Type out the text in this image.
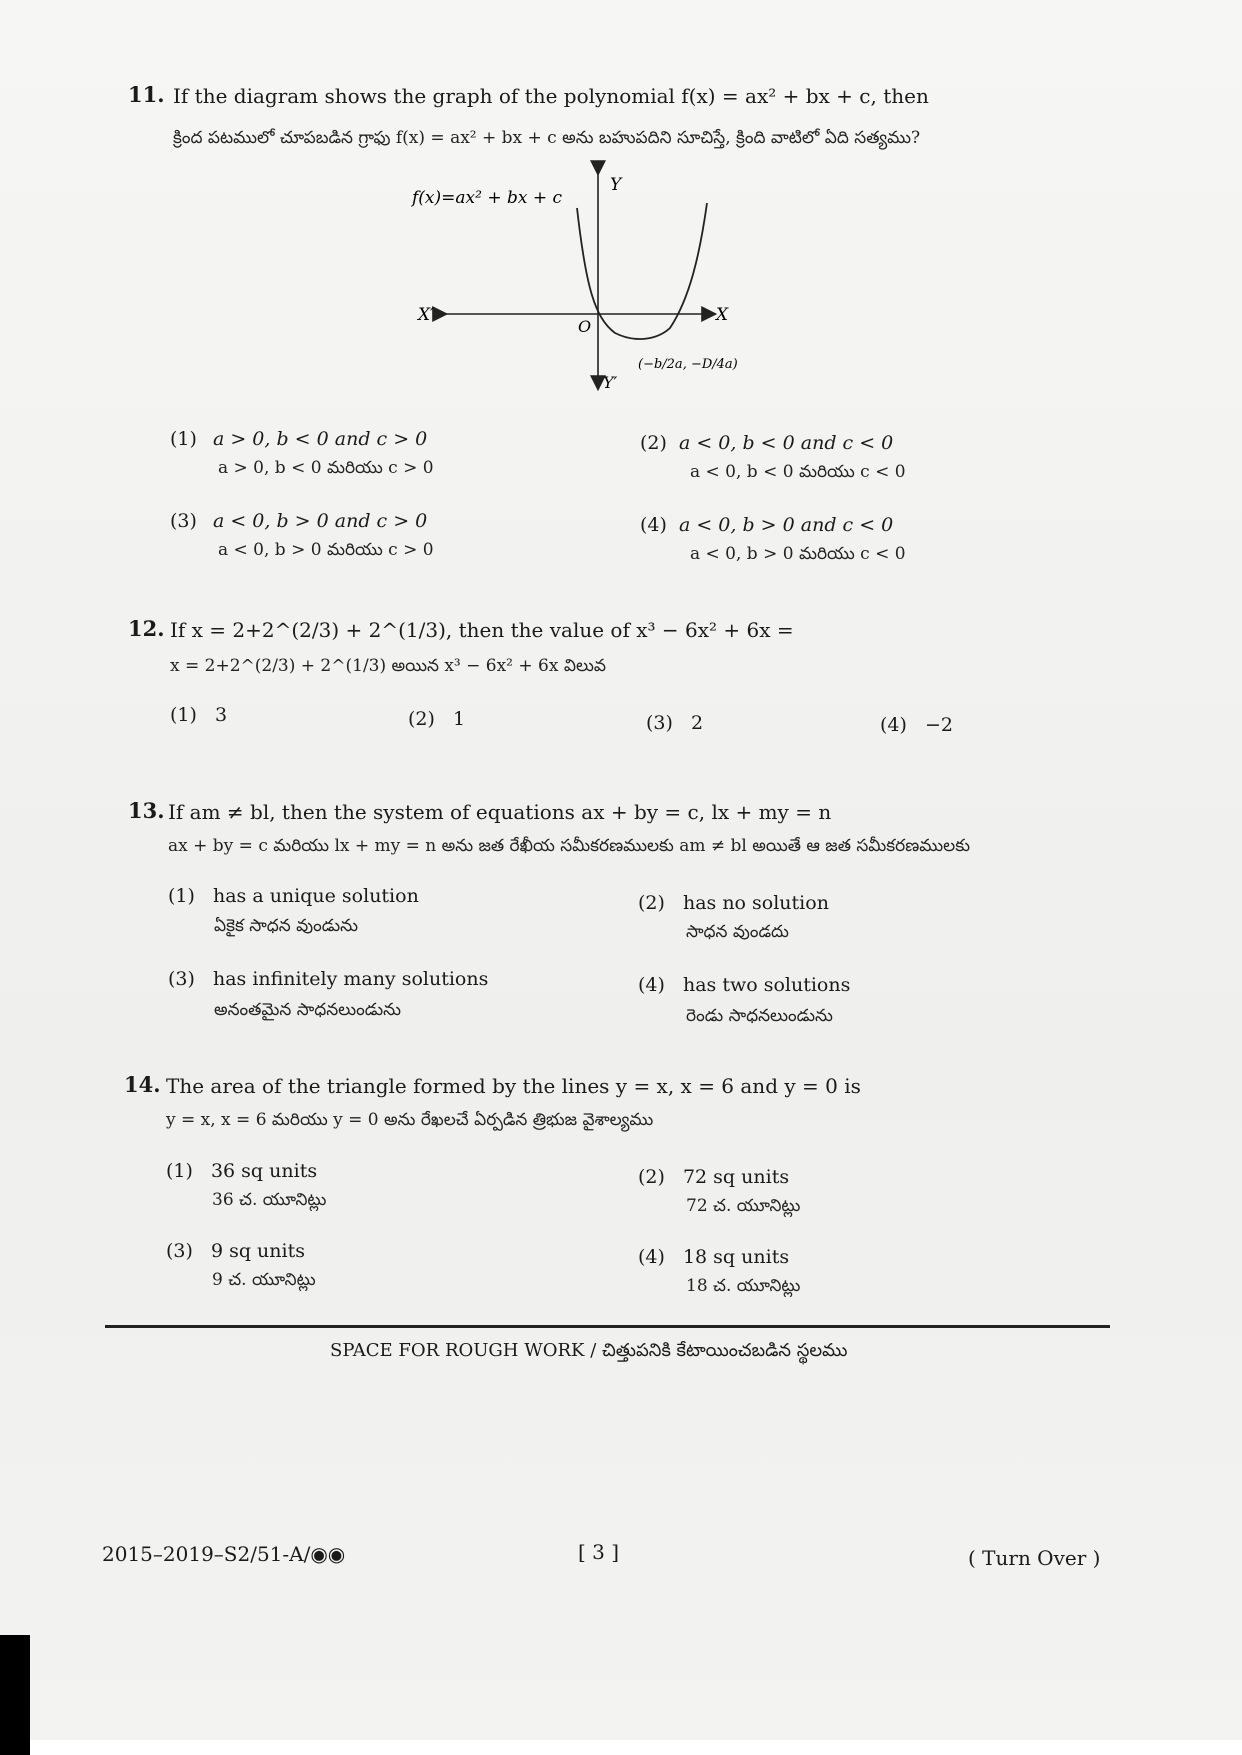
11. If the diagram shows the graph of the polynomial f(x) = ax² + bx + c, then
క్రింద పటములో చూపబడిన గ్రాఫు f(x) = ax² + bx + c అను బహుపదిని సూచిస్తే, క్రింది వాటిలో ఏది సత్యము?
f(x)=ax² + bx + c
Y
Y′
X
X′
O
(−b/2a, −D/4a)
(1) a > 0, b < 0 and c > 0
a > 0, b < 0 మరియు c > 0
(2) a < 0, b < 0 and c < 0
a < 0, b < 0 మరియు c < 0
(3) a < 0, b > 0 and c > 0
a < 0, b > 0 మరియు c > 0
(4) a < 0, b > 0 and c < 0
a < 0, b > 0 మరియు c < 0
12. If x = 2+2^(2/3) + 2^(1/3), then the value of x³ − 6x² + 6x =
x = 2+2^(2/3) + 2^(1/3) అయిన x³ − 6x² + 6x విలువ
(1) 3	(2) 1	(3) 2	(4) −2
13. If am ≠ bl, then the system of equations ax + by = c, lx + my = n
ax + by = c మరియు lx + my = n అను జత రేఖీయ సమీకరణములకు am ≠ bl అయితే ఆ జత సమీకరణములకు
(1) has a unique solution
ఏకైక సాధన వుండును
(2) has no solution
సాధన వుండదు
(3) has infinitely many solutions
అనంతమైన సాధనలుండును
(4) has two solutions
రెండు సాధనలుండును
14. The area of the triangle formed by the lines y = x, x = 6 and y = 0 is
y = x, x = 6 మరియు y = 0 అను రేఖలచే ఏర్పడిన త్రిభుజ వైశాల్యము
(1) 36 sq units
36 చ. యూనిట్లు
(2) 72 sq units
72 చ. యూనిట్లు
(3) 9 sq units
9 చ. యూనిట్లు
(4) 18 sq units
18 చ. యూనిట్లు
SPACE FOR ROUGH WORK / చిత్తుపనికి కేటాయించబడిన స్థలము
2015–2019–S2/51-A/◉◉	[ 3 ]	( Turn Over )
